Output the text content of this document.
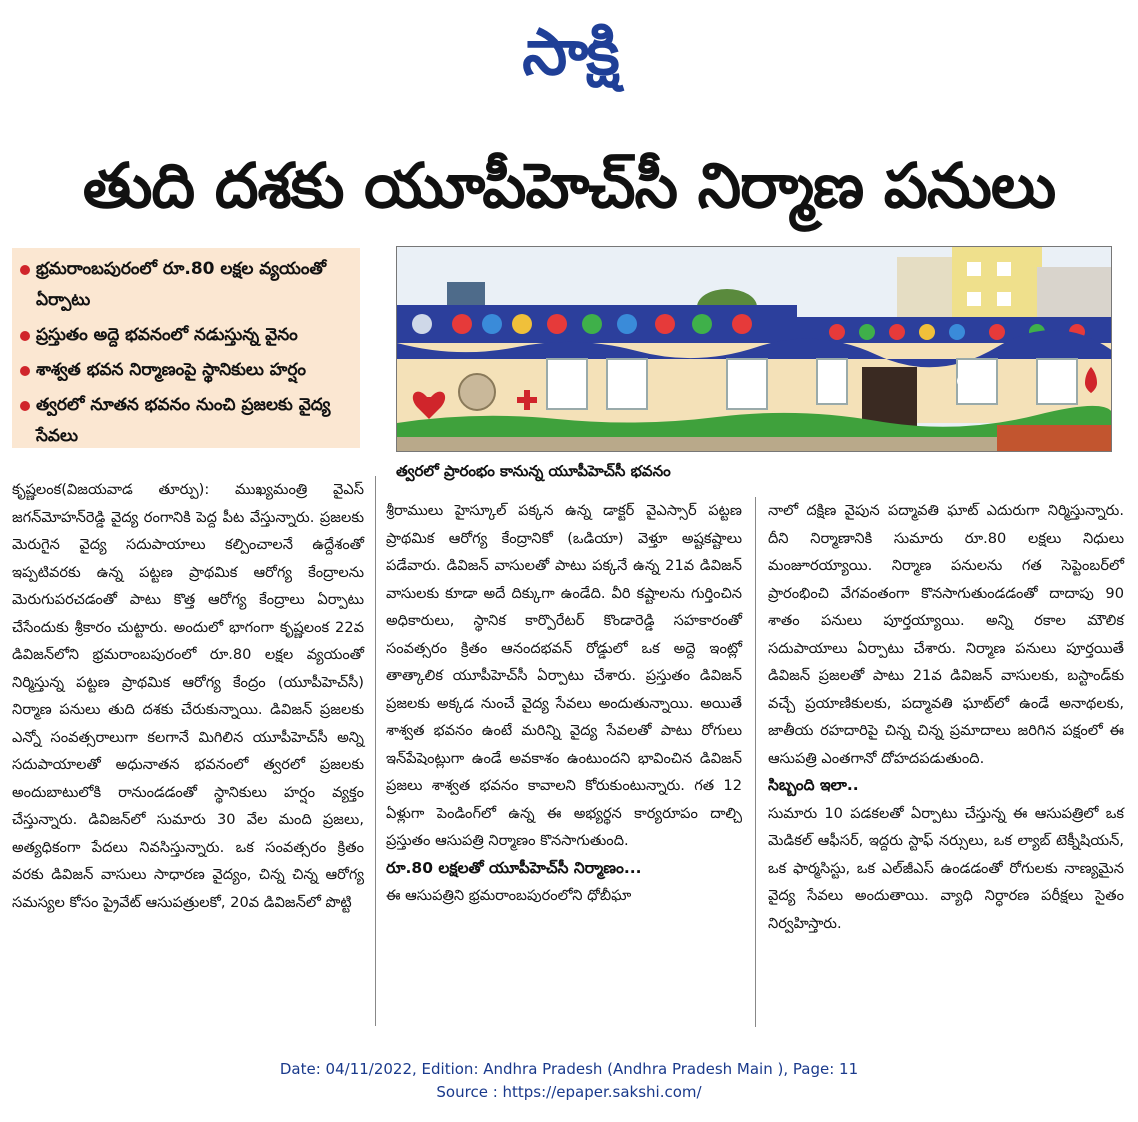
సాక్షి
తుది దశకు యూపీహెచ్‌సీ నిర్మాణ పనులు
భ్రమరాంబపురంలో రూ.80 లక్షల వ్యయంతో ఏర్పాటు
ప్రస్తుతం అద్దె భవనంలో నడుస్తున్న వైనం
శాశ్వత భవన నిర్మాణంపై స్థానికులు హర్షం
త్వరలో నూతన భవనం నుంచి ప్రజలకు వైద్య సేవలు
త్వరలో ప్రారంభం కానున్న యూపీహెచ్‌సీ భవనం

కృష్ణలంక(విజయవాడ తూర్పు): ముఖ్యమంత్రి వైఎస్ జగన్‌మోహన్‌రెడ్డి వైద్య రంగానికి పెద్ద పీట వేస్తున్నారు. ప్రజలకు మెరుగైన వైద్య సదుపాయాలు కల్పించాలనే ఉద్దేశంతో ఇప్పటివరకు ఉన్న పట్టణ ప్రాథమిక ఆరోగ్య కేంద్రాలను మెరుగుపరచడంతో పాటు కొత్త ఆరోగ్య కేంద్రాలు ఏర్పాటు చేసేందుకు శ్రీకారం చుట్టారు. అందులో భాగంగా కృష్ణలంక 22వ డివిజన్‌లోని భ్రమరాంబపురంలో రూ.80 లక్షల వ్యయంతో నిర్మిస్తున్న పట్టణ ప్రాథమిక ఆరోగ్య కేంద్రం (యూపీహెచ్‌సీ) నిర్మాణ పనులు తుది దశకు చేరుకున్నాయి. డివిజన్ ప్రజలకు ఎన్నో సంవత్సరాలుగా కలగానే మిగిలిన యూపీహెచ్‌సీ అన్ని సదుపాయాలతో అధునాతన భవనంలో త్వరలో ప్రజలకు అందుబాటులోకి రానుండడంతో స్థానికులు హర్షం వ్యక్తం చేస్తున్నారు. డివిజన్‌లో సుమారు 30 వేల మంది ప్రజలు, అత్యధికంగా పేదలు నివసిస్తున్నారు. ఒక సంవత్సరం క్రితం వరకు డివిజన్ వాసులు సాధారణ వైద్యం, చిన్న చిన్న ఆరోగ్య సమస్యల కోసం ప్రైవేట్ ఆసుపత్రులకో, 20వ డివిజన్‌లో పొట్టి

శ్రీరాములు హైస్కూల్ పక్కన ఉన్న డాక్టర్ వైఎస్సార్ పట్టణ ప్రాథమిక ఆరోగ్య కేంద్రానికో (ఒడియా) వెళ్తూ అష్టకష్టాలు పడేవారు. డివిజన్ వాసులతో పాటు పక్కనే ఉన్న 21వ డివిజన్ వాసులకు కూడా అదే దిక్కుగా ఉండేది. వీరి కష్టాలను గుర్తించిన అధికారులు, స్థానిక కార్పొరేటర్ కొండారెడ్డి సహకారంతో సంవత్సరం క్రితం ఆనందభవన్ రోడ్డులో ఒక అద్దె ఇంట్లో తాత్కాలిక యూపీహెచ్‌సీ ఏర్పాటు చేశారు. ప్రస్తుతం డివిజన్ ప్రజలకు అక్కడ నుంచే వైద్య సేవలు అందుతున్నాయి. అయితే శాశ్వత భవనం ఉంటే మరిన్ని వైద్య సేవలతో పాటు రోగులు ఇన్‌పేషెంట్లుగా ఉండే అవకాశం ఉంటుందని భావించిన డివిజన్ ప్రజలు శాశ్వత భవనం కావాలని కోరుకుంటున్నారు. గత 12 ఏళ్లుగా పెండింగ్‌లో ఉన్న ఈ అభ్యర్థన కార్యరూపం దాల్చి ప్రస్తుతం ఆసుపత్రి నిర్మాణం కొనసాగుతుంది.

రూ.80 లక్షలతో యూపీహెచ్‌సీ నిర్మాణం...

ఈ ఆసుపత్రిని భ్రమరాంబపురంలోని ధోబీఘా

నాలో దక్షిణ వైపున పద్మావతి ఘాట్ ఎదురుగా నిర్మిస్తున్నారు. దీని నిర్మాణానికి సుమారు రూ.80 లక్షలు నిధులు మంజూరయ్యాయి. నిర్మాణ పనులను గత సెప్టెంబర్‌లో ప్రారంభించి వేగవంతంగా కొనసాగుతుండడంతో దాదాపు 90 శాతం పనులు పూర్తయ్యాయి. అన్ని రకాల మౌలిక సదుపాయాలు ఏర్పాటు చేశారు. నిర్మాణ పనులు పూర్తయితే డివిజన్ ప్రజలతో పాటు 21వ డివిజన్ వాసులకు, బస్టాండ్‌కు వచ్చే ప్రయాణికులకు, పద్మావతి ఘాట్‌లో ఉండే అనాథలకు, జాతీయ రహదారిపై చిన్న చిన్న ప్రమాదాలు జరిగిన పక్షంలో ఈ ఆసుపత్రి ఎంతగానో దోహదపడుతుంది.

సిబ్బంది ఇలా..

సుమారు 10 పడకలతో ఏర్పాటు చేస్తున్న ఈ ఆసుపత్రిలో ఒక మెడికల్ ఆఫీసర్, ఇద్దరు స్టాఫ్ నర్సులు, ఒక ల్యాబ్ టెక్నీషియన్, ఒక ఫార్మసిస్టు, ఒక ఎల్‌జీఎస్ ఉండడంతో రోగులకు నాణ్యమైన వైద్య సేవలు అందుతాయి. వ్యాధి నిర్ధారణ పరీక్షలు సైతం నిర్వహిస్తారు.

Date: 04/11/2022, Edition: Andhra Pradesh (Andhra Pradesh Main ), Page: 11
Source : https://epaper.sakshi.com/
